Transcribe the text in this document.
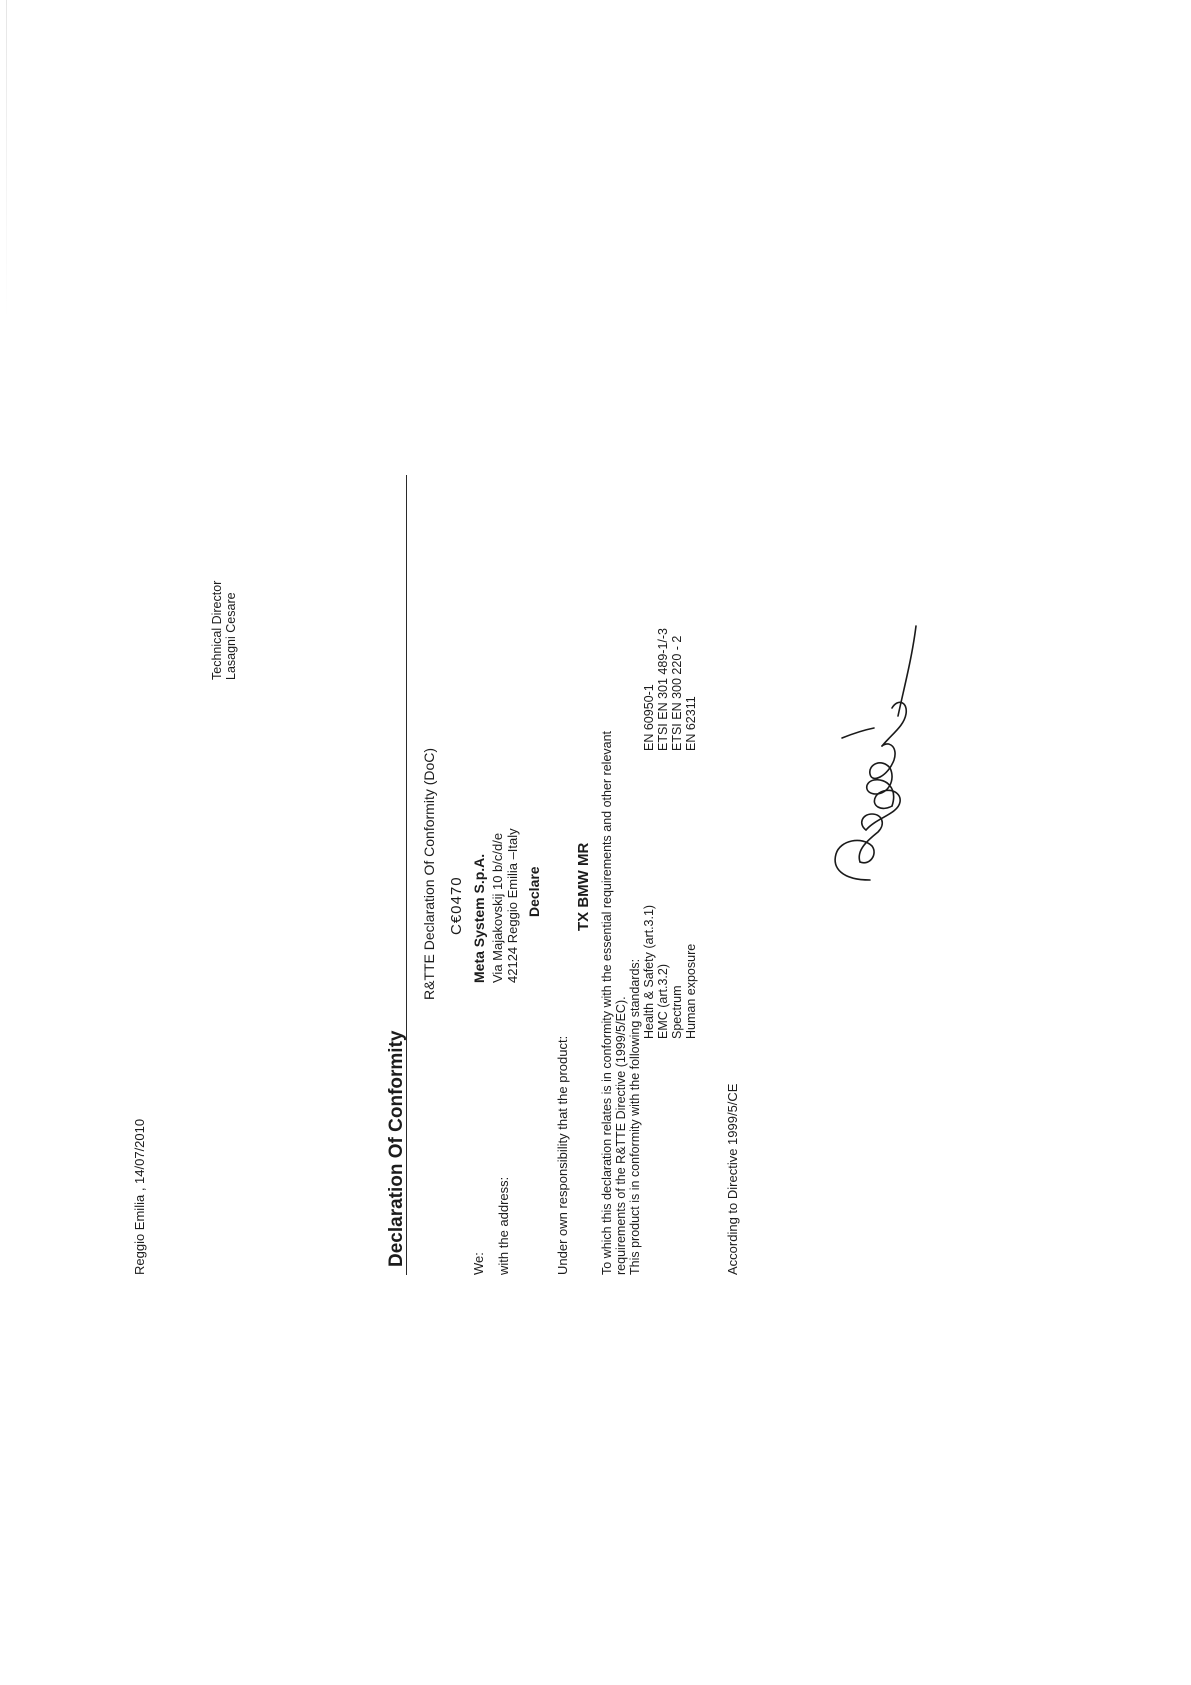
Declaration Of Conformity
R&TTE Declaration Of Conformity (DoC) C€0470
We:
Meta System S.p.A.
with the address:
Via Majakovskij 10 b/c/d/e 42124 Reggio Emilia –Italy Declare
Under own responsibility that the product:
TX BMW MR To which this declaration relates is in conformity with the essential requirements and other relevant requirements of the R&TTE Directive (1999/5/EC). This product is in conformity with the following standards: Health & Safety (art.3.1) EMC (art.3.2) Spectrum Human exposure
EN 60950-1 ETSI EN 301 489-1/-3 ETSI EN 300 220 - 2 EN 62311
According to Directive 1999/5/CE
Reggio Emilia , 14/07/2010
Technical Director Lasagni Cesare
